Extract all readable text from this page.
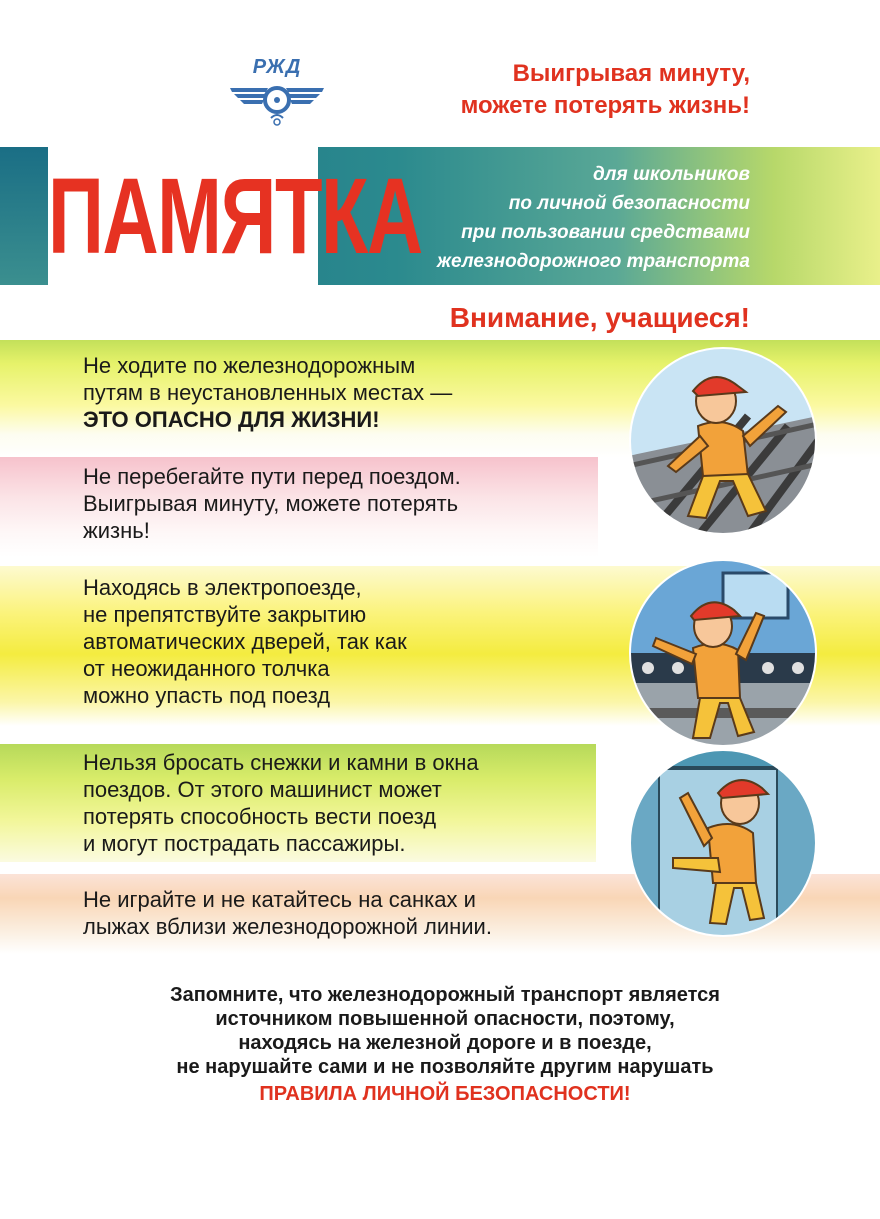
РЖД	Выигрывая минуту,
можете потерять жизнь!
ПАМЯТКА	для школьников
по личной безопасности
при пользовании средствами
железнодорожного транспорта
Внимание, учащиеся!
Не ходите по железнодорожным
путям в неустановленных местах —
ЭТО ОПАСНО ДЛЯ ЖИЗНИ!
Не перебегайте пути перед поездом.
Выигрывая минуту, можете потерять
жизнь!
Находясь в электропоезде,
не препятствуйте закрытию
автоматических дверей, так как
от неожиданного толчка
можно упасть под поезд
Нельзя бросать снежки и камни в окна
поездов. От этого машинист может
потерять способность вести поезд
и могут пострадать пассажиры.
Не играйте и не катайтесь на санках и
лыжах вблизи железнодорожной линии.
Запомните, что железнодорожный транспорт является
источником повышенной опасности, поэтому,
находясь на железной дороге и в поезде,
не нарушайте сами и не позволяйте другим нарушать
ПРАВИЛА ЛИЧНОЙ БЕЗОПАСНОСТИ!
